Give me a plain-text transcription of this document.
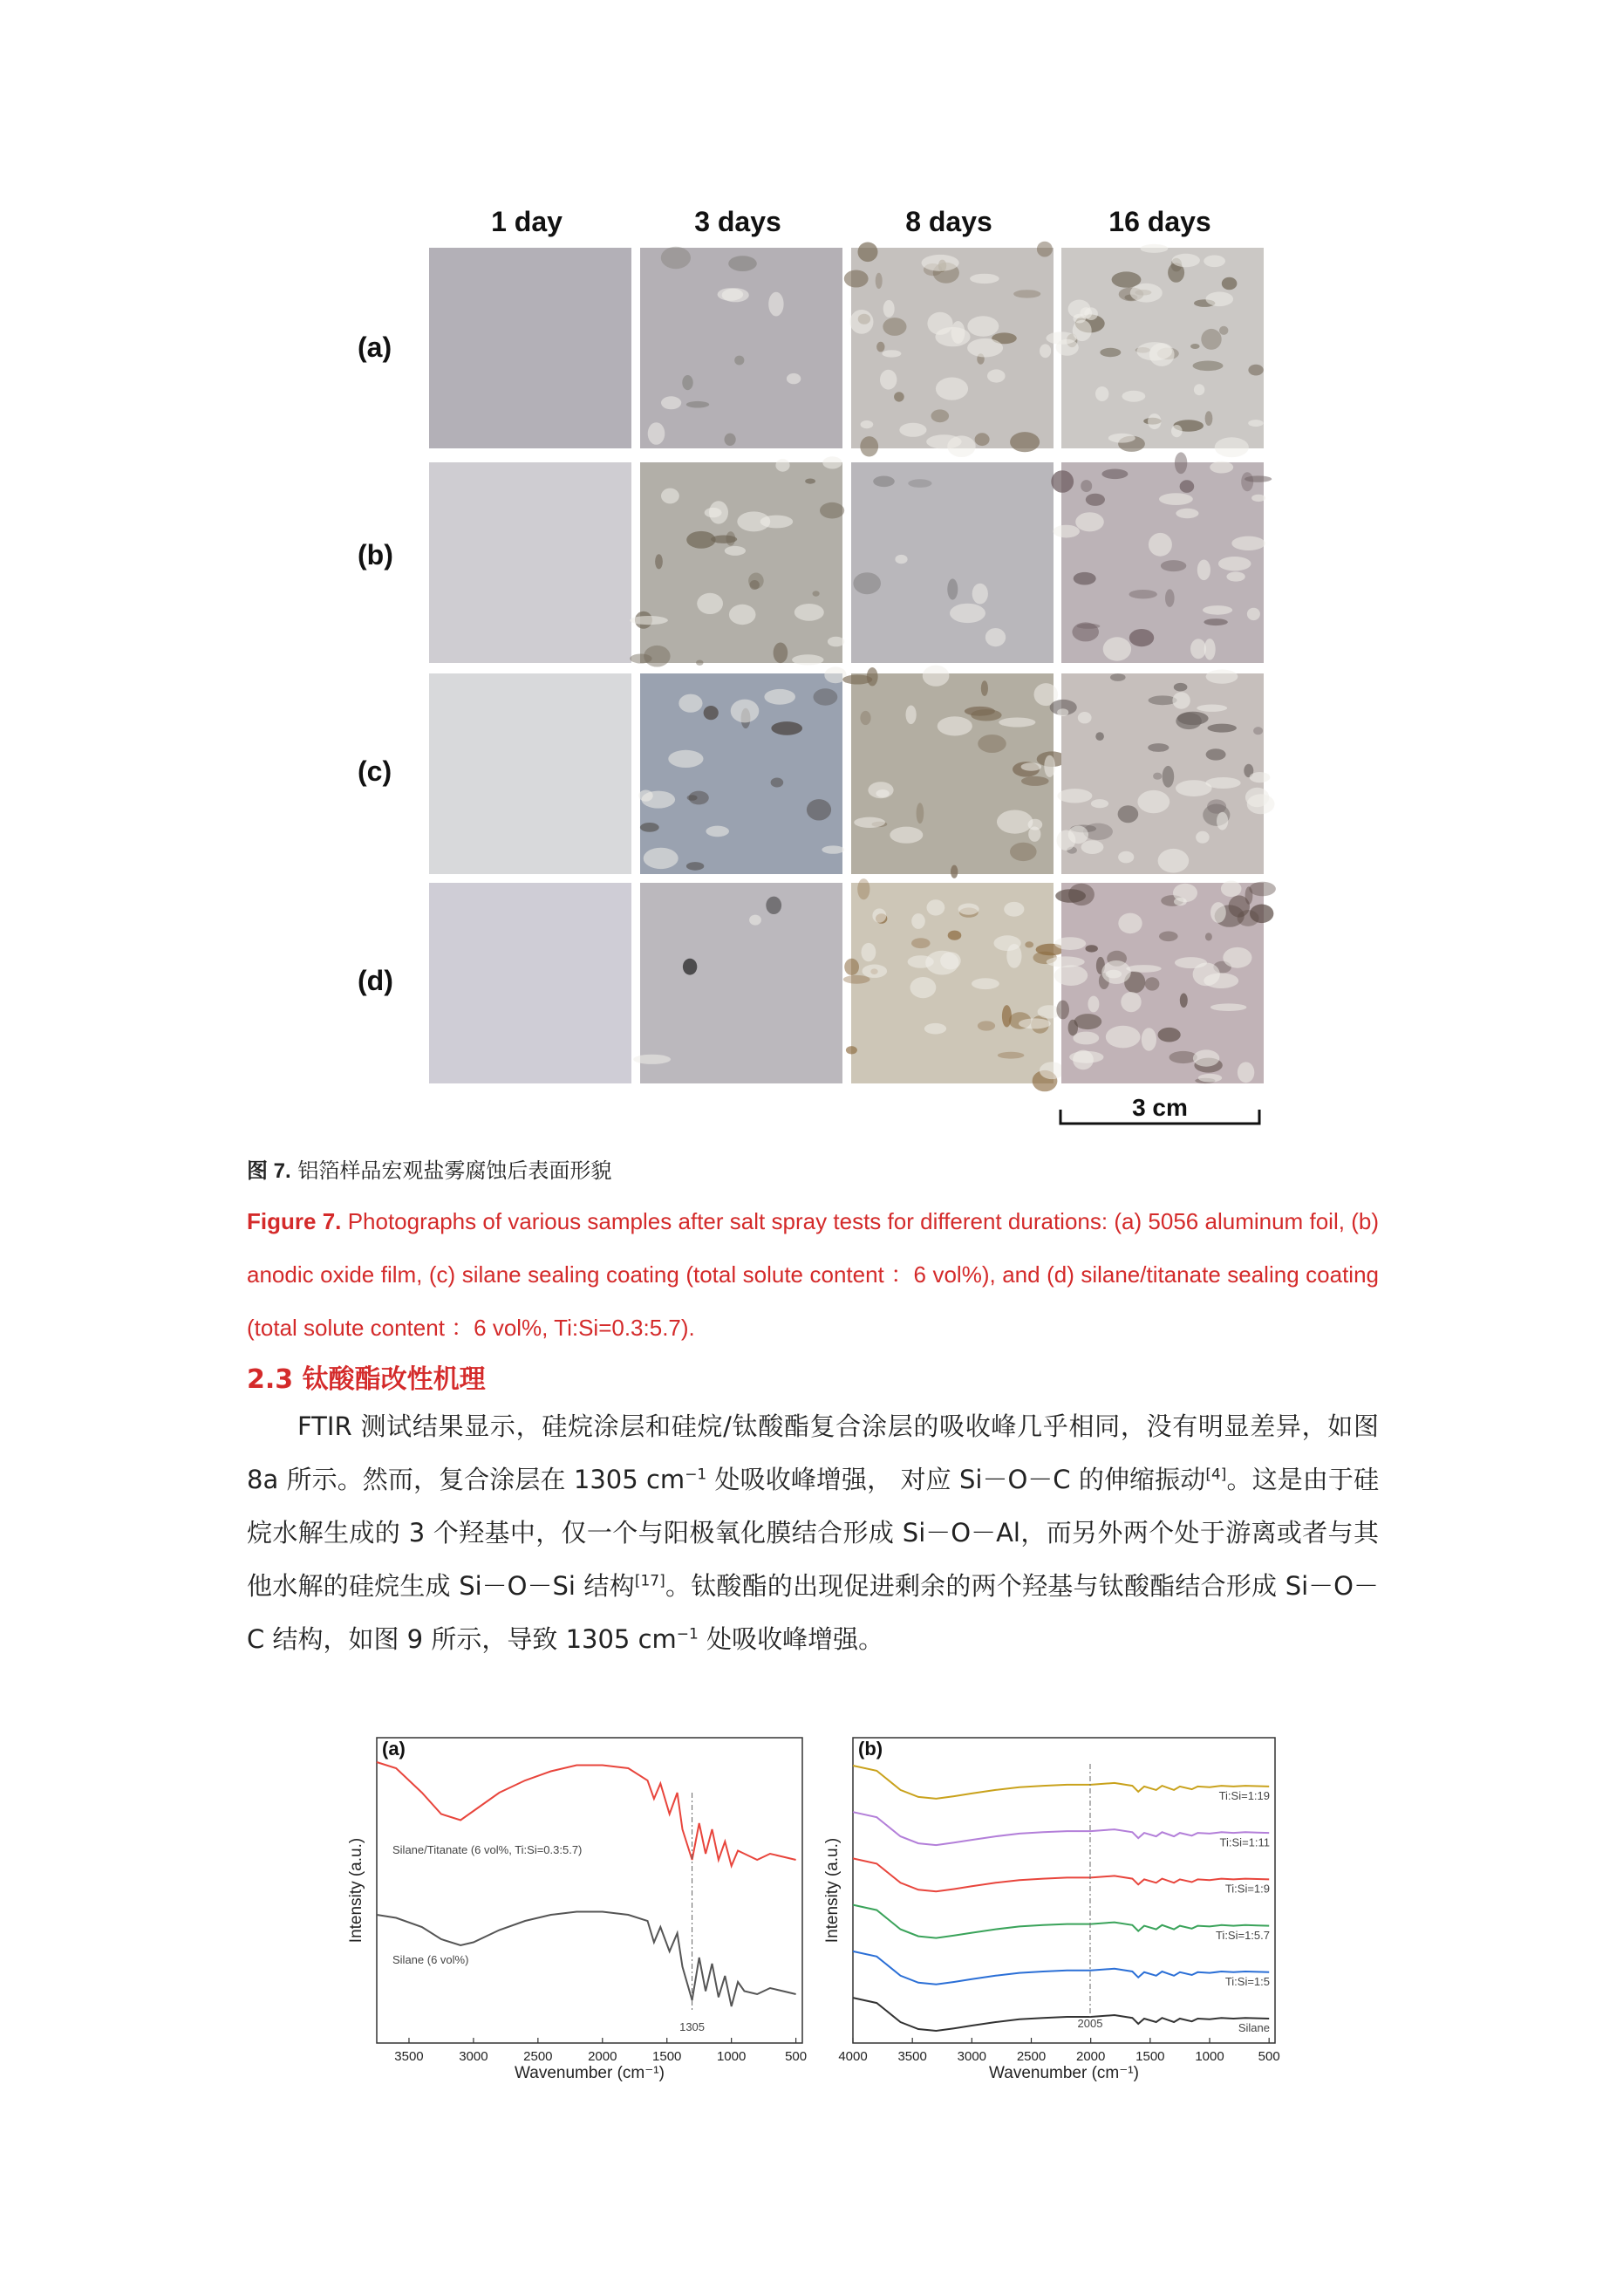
1 day	3 days	8 days	16 days
(a)
(b)
(c)
(d)
3 cm
图 7. 铝箔样品宏观盐雾腐蚀后表面形貌
Figure 7. Photographs of various samples after salt spray tests for different durations: (a) 5056 aluminum foil, (b) anodic oxide film, (c) silane sealing coating (total solute content ：6 vol%), and (d) silane/titanate sealing coating (total solute content ：6 vol%, Ti:Si=0.3:5.7).
2.3 钛酸酯改性机理

FTIR 测试结果显示，硅烷涂层和硅烷/钛酸酯复合涂层的吸收峰几乎相同，没有明显差异，如图 8a 所示。然而，复合涂层在 1305 $cm^{-1}$ 处吸收峰增强， 对应 Si－O－C 的伸缩振动[4]。这是由于硅烷水解生成的 3 个羟基中，仅一个与阳极氧化膜结合形成 Si－O－Al，而另外两个处于游离或者与其他水解的硅烷生成 Si－O－Si 结构[17]。钛酸酯的出现促进剩余的两个羟基与钛酸酯结合形成 Si－O－C 结构，如图 9 所示，导致 1305 $cm^{-1}$ 处吸收峰增强。

3500	3000	2500	2000	1500	1000	500
Wavenumber (cm⁻¹)
Intensity (a.u.)
(a)
Silane/Titanate (6 vol%, Ti:Si=0.3:5.7)
Silane (6 vol%)
1305
4000 3500 3000 2500 2000 1500 1000	500
Wavenumber (cm⁻¹)
Intensity (a.u.)
(b)
Ti:Si=1:19
Ti:Si=1:11
Ti:Si=1:9
Ti:Si=1:5.7
Ti:Si=1:5
Silane
2005
